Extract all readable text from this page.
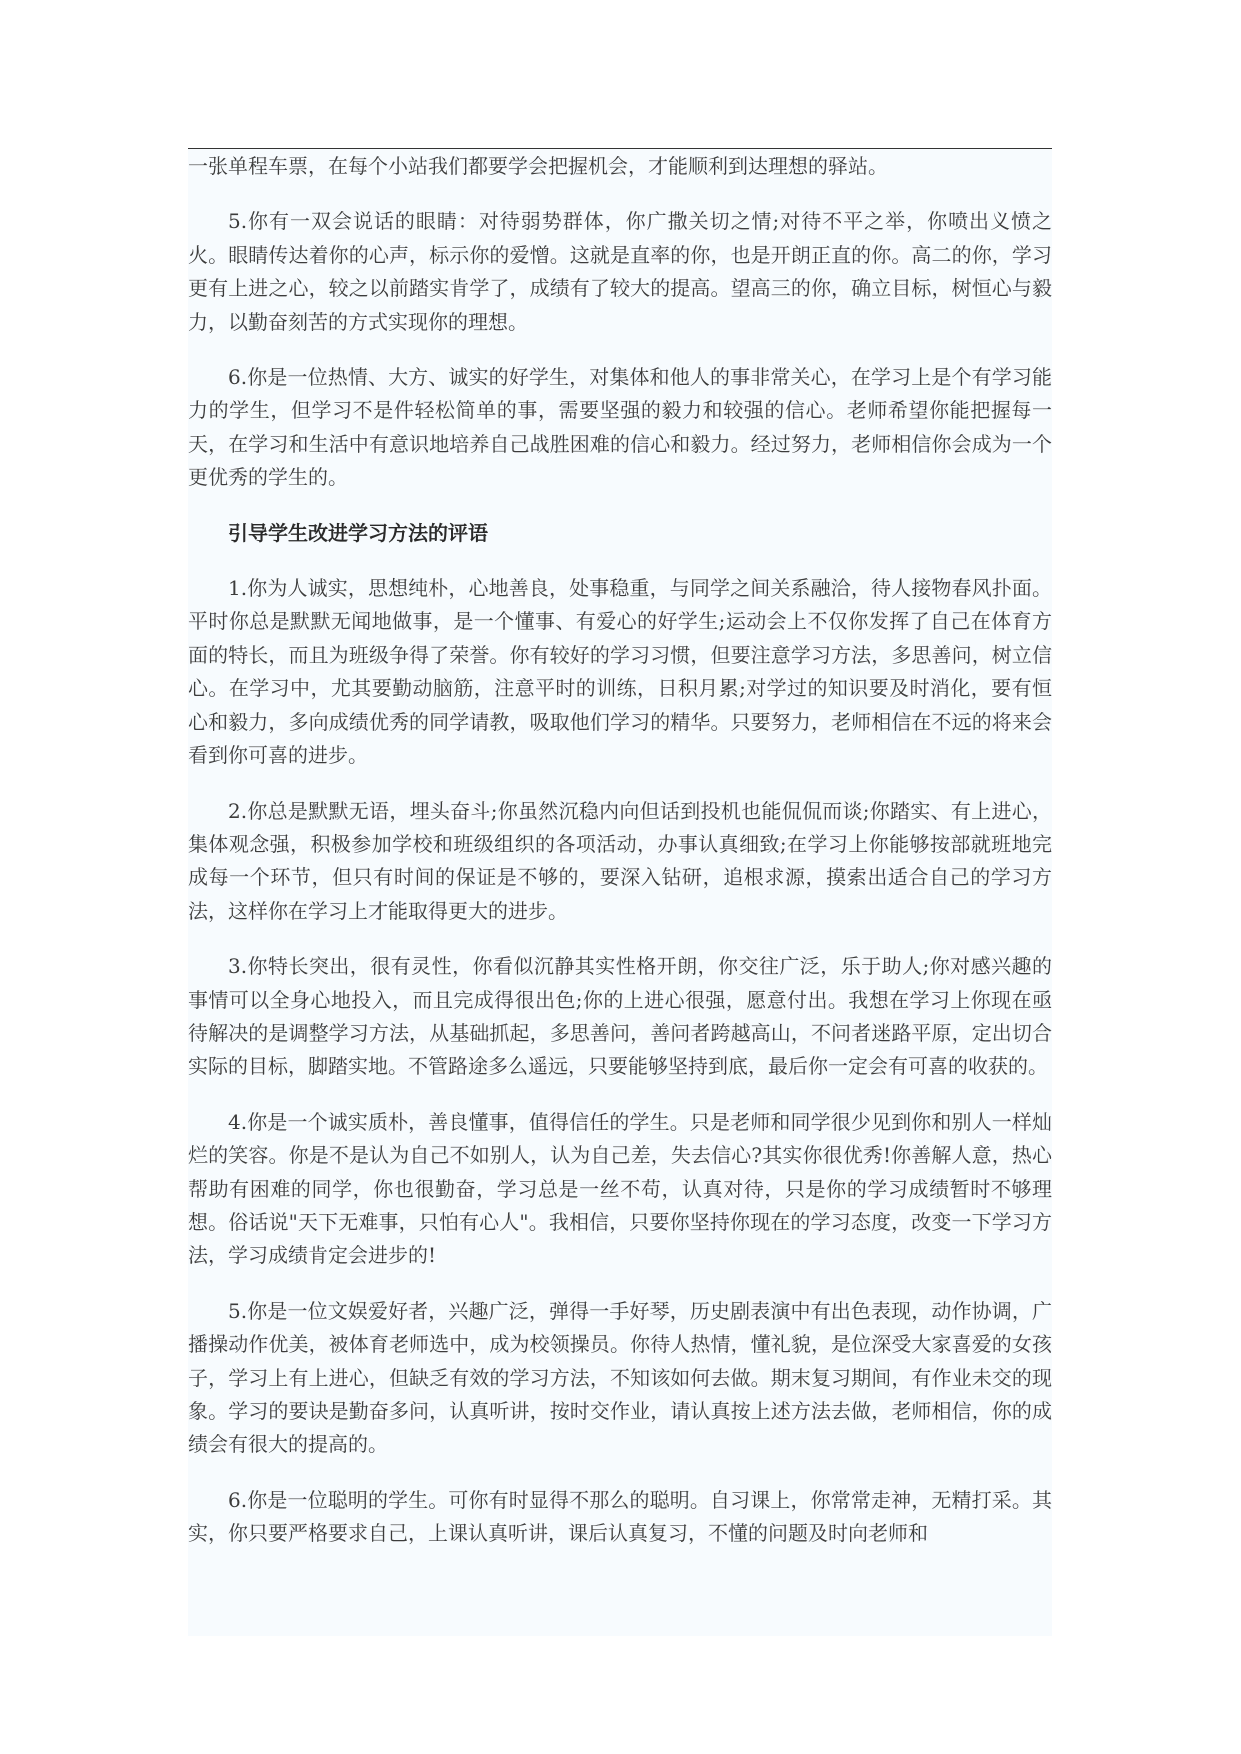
一张单程车票，在每个小站我们都要学会把握机会，才能顺利到达理想的驿站。

5.你有一双会说话的眼睛：对待弱势群体，你广撒关切之情;对待不平之举，你喷出义愤之火。眼睛传达着你的心声，标示你的爱憎。这就是直率的你，也是开朗正直的你。高二的你，学习更有上进之心，较之以前踏实肯学了，成绩有了较大的提高。望高三的你，确立目标，树恒心与毅力，以勤奋刻苦的方式实现你的理想。

6.你是一位热情、大方、诚实的好学生，对集体和他人的事非常关心，在学习上是个有学习能力的学生，但学习不是件轻松简单的事，需要坚强的毅力和较强的信心。老师希望你能把握每一天，在学习和生活中有意识地培养自己战胜困难的信心和毅力。经过努力，老师相信你会成为一个更优秀的学生的。

引导学生改进学习方法的评语

1.你为人诚实，思想纯朴，心地善良，处事稳重，与同学之间关系融洽，待人接物春风扑面。平时你总是默默无闻地做事，是一个懂事、有爱心的好学生;运动会上不仅你发挥了自己在体育方面的特长，而且为班级争得了荣誉。你有较好的学习习惯，但要注意学习方法，多思善问，树立信心。在学习中，尤其要勤动脑筋，注意平时的训练，日积月累;对学过的知识要及时消化，要有恒心和毅力，多向成绩优秀的同学请教，吸取他们学习的精华。只要努力，老师相信在不远的将来会看到你可喜的进步。

2.你总是默默无语，埋头奋斗;你虽然沉稳内向但话到投机也能侃侃而谈;你踏实、有上进心，集体观念强，积极参加学校和班级组织的各项活动，办事认真细致;在学习上你能够按部就班地完成每一个环节，但只有时间的保证是不够的，要深入钻研，追根求源，摸索出适合自己的学习方法，这样你在学习上才能取得更大的进步。

3.你特长突出，很有灵性，你看似沉静其实性格开朗，你交往广泛，乐于助人;你对感兴趣的事情可以全身心地投入，而且完成得很出色;你的上进心很强，愿意付出。我想在学习上你现在亟待解决的是调整学习方法，从基础抓起，多思善问，善问者跨越高山，不问者迷路平原，定出切合实际的目标，脚踏实地。不管路途多么遥远，只要能够坚持到底，最后你一定会有可喜的收获的。

4.你是一个诚实质朴，善良懂事，值得信任的学生。只是老师和同学很少见到你和别人一样灿烂的笑容。你是不是认为自己不如别人，认为自己差，失去信心?其实你很优秀!你善解人意，热心帮助有困难的同学，你也很勤奋，学习总是一丝不苟，认真对待，只是你的学习成绩暂时不够理想。俗话说"天下无难事，只怕有心人"。我相信，只要你坚持你现在的学习态度，改变一下学习方法，学习成绩肯定会进步的!

5.你是一位文娱爱好者，兴趣广泛，弹得一手好琴，历史剧表演中有出色表现，动作协调，广播操动作优美，被体育老师选中，成为校领操员。你待人热情，懂礼貌，是位深受大家喜爱的女孩子，学习上有上进心，但缺乏有效的学习方法，不知该如何去做。期末复习期间，有作业未交的现象。学习的要诀是勤奋多问，认真听讲，按时交作业，请认真按上述方法去做，老师相信，你的成绩会有很大的提高的。

6.你是一位聪明的学生。可你有时显得不那么的聪明。自习课上，你常常走神，无精打采。其实，你只要严格要求自己，上课认真听讲，课后认真复习，不懂的问题及时向老师和
